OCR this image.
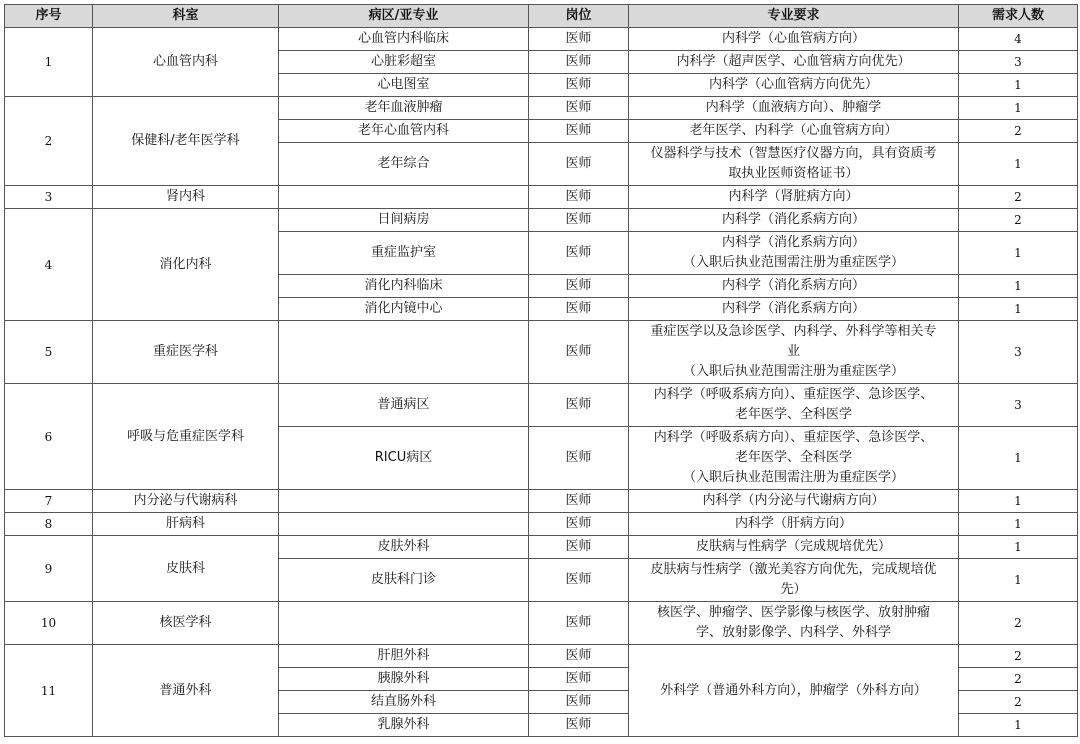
序号	科室	病区/亚专业	岗位	专业要求	需求人数
1	心血管内科	心血管内科临床	医师	内科学（心血管病方向）	4
		心脏彩超室	医师	内科学（超声医学、心血管病方向优先）	3
		心电图室	医师	内科学（心血管病方向优先）	1
2	保健科/老年医学科	老年血液肿瘤	医师	内科学（血液病方向）、肿瘤学	1
		老年心血管内科	医师	老年医学、内科学（心血管病方向）	2
		老年综合	医师	仪器科学与技术（智慧医疗仪器方向，具有资质考
取执业医师资格证书）	1
3	肾内科		医师	内科学（肾脏病方向）	2
4	消化内科	日间病房	医师	内科学（消化系病方向）	2
		重症监护室	医师	内科学（消化系病方向）
（入职后执业范围需注册为重症医学）	1
		消化内科临床	医师	内科学（消化系病方向）	1
		消化内镜中心	医师	内科学（消化系病方向）	1
5	重症医学科		医师	重症医学以及急诊医学、内科学、外科学等相关专
业
（入职后执业范围需注册为重症医学）	3
6	呼吸与危重症医学科	普通病区	医师	内科学（呼吸系病方向）、重症医学、急诊医学、
老年医学、全科医学	3
		RICU病区	医师	内科学（呼吸系病方向）、重症医学、急诊医学、
老年医学、全科医学
（入职后执业范围需注册为重症医学）	1
7	内分泌与代谢病科		医师	内科学（内分泌与代谢病方向）	1
8	肝病科		医师	内科学（肝病方向）	1
9	皮肤科	皮肤外科	医师	皮肤病与性病学（完成规培优先）	1
		皮肤科门诊	医师	皮肤病与性病学（激光美容方向优先，完成规培优
先）	1
10	核医学科		医师	核医学、肿瘤学、医学影像与核医学、放射肿瘤
学、放射影像学、内科学、外科学	2
11	普通外科	肝胆外科	医师	外科学（普通外科方向），肿瘤学（外科方向）	2
		胰腺外科	医师		2
		结直肠外科	医师		2
		乳腺外科	医师		1
